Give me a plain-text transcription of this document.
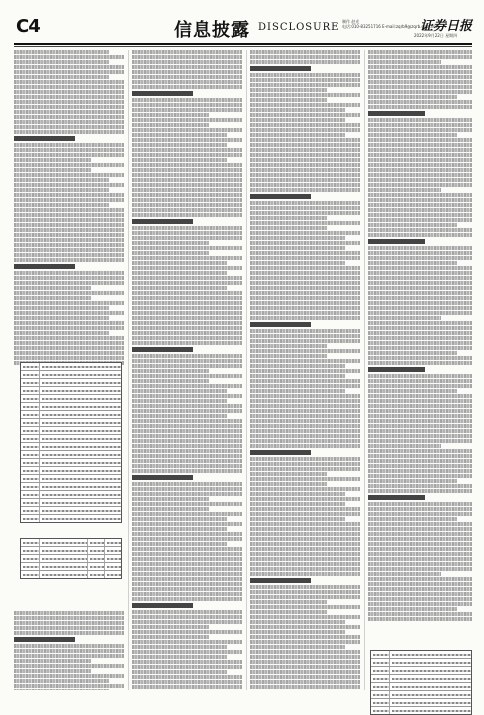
C4	信息披露 DISCLOSURE
制作 赵光
电话:010-83251716 E-mail:zqrb9@zqrb.sina.net
证券日报
2022年9月22日 星期四
